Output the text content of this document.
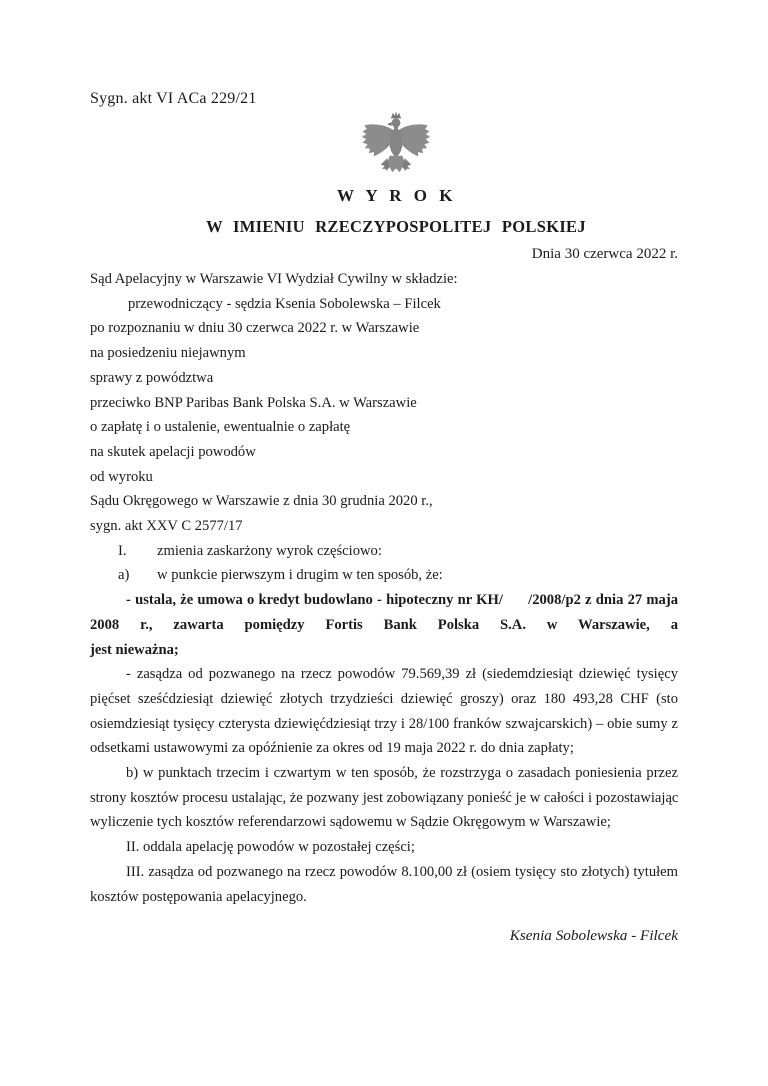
Sygn. akt VI ACa 229/21
W Y R O K
W IMIENIU RZECZYPOSPOLITEJ POLSKIEJ
Dnia 30 czerwca 2022 r.
Sąd Apelacyjny w Warszawie VI Wydział Cywilny w składzie:
przewodniczący - sędzia Ksenia Sobolewska – Filcek
po rozpoznaniu w dniu 30 czerwca 2022 r. w Warszawie
na posiedzeniu niejawnym
sprawy z powództwa
przeciwko BNP Paribas Bank Polska S.A. w Warszawie
o zapłatę i o ustalenie, ewentualnie o zapłatę
na skutek apelacji powodów
od wyroku
Sądu Okręgowego w Warszawie z dnia 30 grudnia 2020 r.,
sygn. akt XXV C 2577/17
I. zmienia zaskarżony wyrok częściowo:
a) w punkcie pierwszym i drugim w ten sposób, że:
- ustala, że umowa o kredyt budowlano - hipoteczny nr KH/      /2008/p2 z dnia 27 maja
2008 r., zawarta pomiędzy Fortis Bank Polska S.A. w Warszawie, a
jest nieważna;
- zasądza od pozwanego na rzecz powodów 79.569,39 zł (siedemdziesiąt dziewięć tysięcy
pięćset sześćdziesiąt dziewięć złotych trzydzieści dziewięć groszy) oraz 180 493,28 CHF (sto
osiemdziesiąt tysięcy czterysta dziewięćdziesiąt trzy i 28/100 franków szwajcarskich) – obie sumy z
odsetkami ustawowymi za opóźnienie za okres od 19 maja 2022 r. do dnia zapłaty;
b) w punktach trzecim i czwartym w ten sposób, że rozstrzyga o zasadach poniesienia przez
strony kosztów procesu ustalając, że pozwany jest zobowiązany ponieść je w całości i pozostawiając
wyliczenie tych kosztów referendarzowi sądowemu w Sądzie Okręgowym w Warszawie;
II. oddala apelację powodów w pozostałej części;
III. zasądza od pozwanego na rzecz powodów 8.100,00 zł (osiem tysięcy sto złotych) tytułem
kosztów postępowania apelacyjnego.
Ksenia Sobolewska - Filcek
